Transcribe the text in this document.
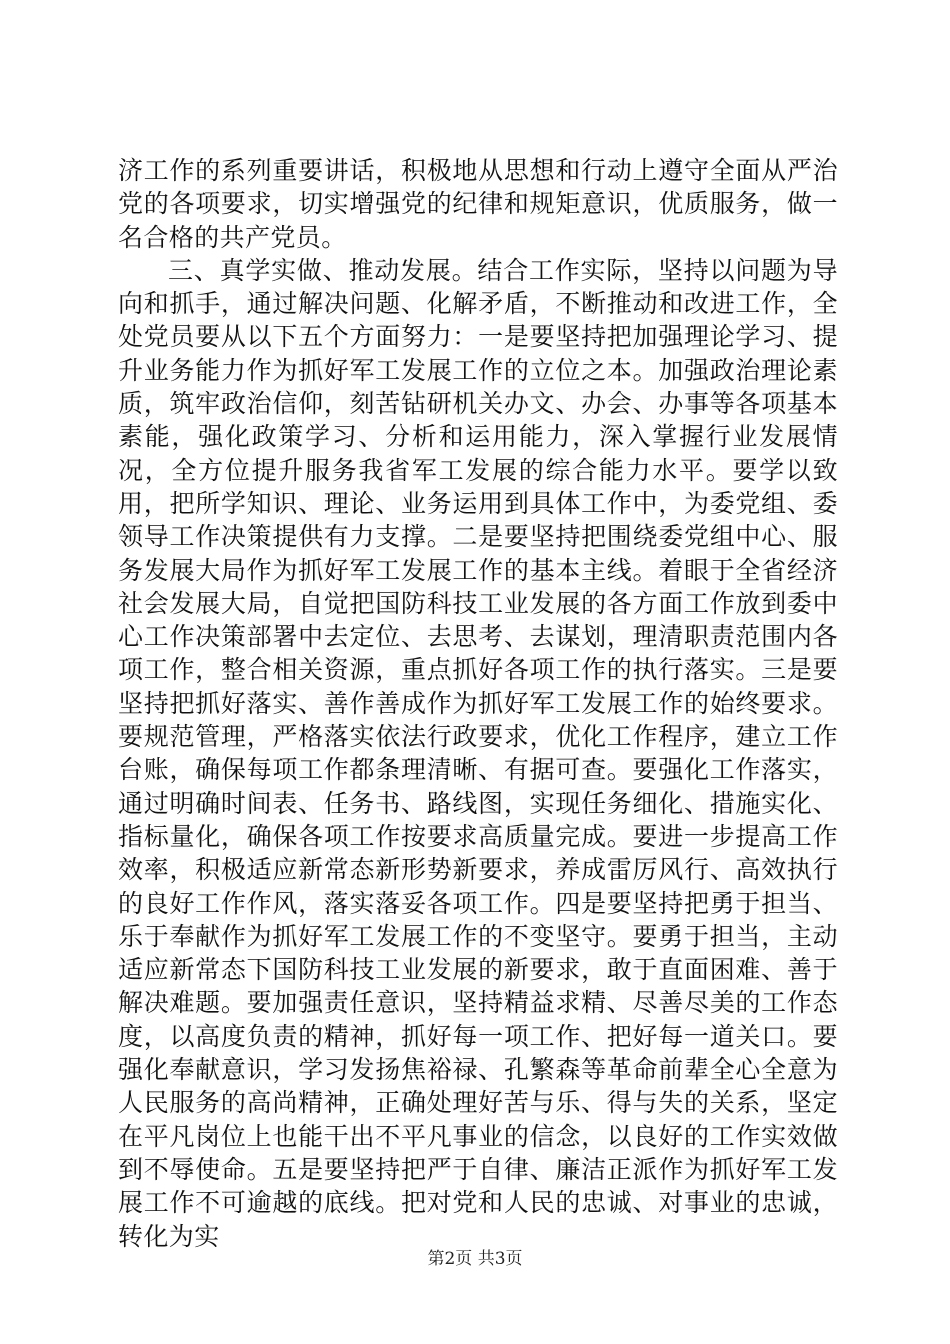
济工作的系列重要讲话，积极地从思想和行动上遵守全面从严治党的各项要求，切实增强党的纪律和规矩意识，优质服务，做一名合格的共产党员。

三、真学实做、推动发展。结合工作实际，坚持以问题为导向和抓手，通过解决问题、化解矛盾，不断推动和改进工作，全处党员要从以下五个方面努力：一是要坚持把加强理论学习、提升业务能力作为抓好军工发展工作的立位之本。加强政治理论素质，筑牢政治信仰，刻苦钻研机关办文、办会、办事等各项基本素能，强化政策学习、分析和运用能力，深入掌握行业发展情况，全方位提升服务我省军工发展的综合能力水平。要学以致用，把所学知识、理论、业务运用到具体工作中，为委党组、委领导工作决策提供有力支撑。二是要坚持把围绕委党组中心、服务发展大局作为抓好军工发展工作的基本主线。着眼于全省经济社会发展大局，自觉把国防科技工业发展的各方面工作放到委中心工作决策部署中去定位、去思考、去谋划，理清职责范围内各项工作，整合相关资源，重点抓好各项工作的执行落实。三是要坚持把抓好落实、善作善成作为抓好军工发展工作的始终要求。要规范管理，严格落实依法行政要求，优化工作程序，建立工作台账，确保每项工作都条理清晰、有据可查。要强化工作落实，通过明确时间表、任务书、路线图，实现任务细化、措施实化、指标量化，确保各项工作按要求高质量完成。要进一步提高工作效率，积极适应新常态新形势新要求，养成雷厉风行、高效执行的良好工作作风，落实落妥各项工作。四是要坚持把勇于担当、乐于奉献作为抓好军工发展工作的不变坚守。要勇于担当，主动适应新常态下国防科技工业发展的新要求，敢于直面困难、善于解决难题。要加强责任意识，坚持精益求精、尽善尽美的工作态度，以高度负责的精神，抓好每一项工作、把好每一道关口。要强化奉献意识，学习发扬焦裕禄、孔繁森等革命前辈全心全意为人民服务的高尚精神，正确处理好苦与乐、得与失的关系，坚定在平凡岗位上也能干出不平凡事业的信念，以良好的工作实效做到不辱使命。五是要坚持把严于自律、廉洁正派作为抓好军工发展工作不可逾越的底线。把对党和人民的忠诚、对事业的忠诚，转化为实

第2页 共3页
